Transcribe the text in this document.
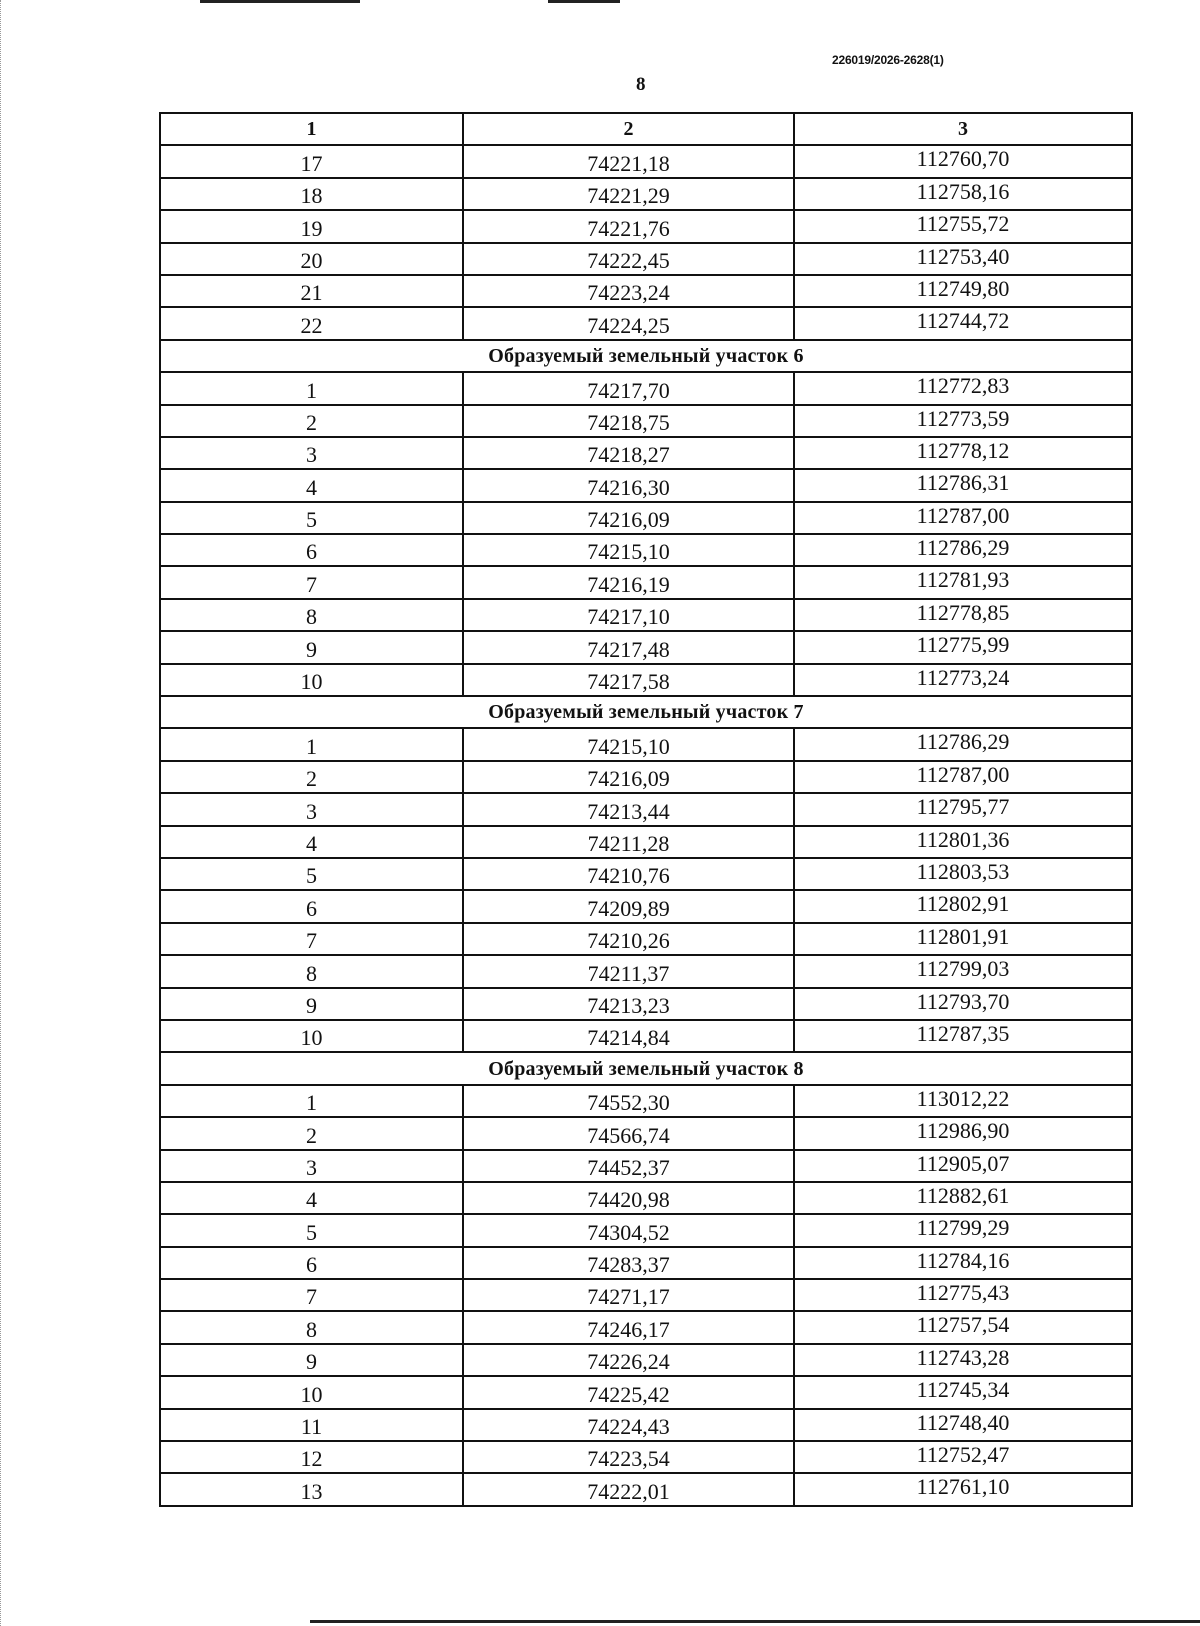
226019/2026-2628(1)
8
1	2	3
17	74221,18	112760,70
18	74221,29	112758,16
19	74221,76	112755,72
20	74222,45	112753,40
21	74223,24	112749,80
22	74224,25	112744,72
Образуемый земельный участок 6		
1	74217,70	112772,83
2	74218,75	112773,59
3	74218,27	112778,12
4	74216,30	112786,31
5	74216,09	112787,00
6	74215,10	112786,29
7	74216,19	112781,93
8	74217,10	112778,85
9	74217,48	112775,99
10	74217,58	112773,24
Образуемый земельный участок 7		
1	74215,10	112786,29
2	74216,09	112787,00
3	74213,44	112795,77
4	74211,28	112801,36
5	74210,76	112803,53
6	74209,89	112802,91
7	74210,26	112801,91
8	74211,37	112799,03
9	74213,23	112793,70
10	74214,84	112787,35
Образуемый земельный участок 8		
1	74552,30	113012,22
2	74566,74	112986,90
3	74452,37	112905,07
4	74420,98	112882,61
5	74304,52	112799,29
6	74283,37	112784,16
7	74271,17	112775,43
8	74246,17	112757,54
9	74226,24	112743,28
10	74225,42	112745,34
11	74224,43	112748,40
12	74223,54	112752,47
13	74222,01	112761,10
